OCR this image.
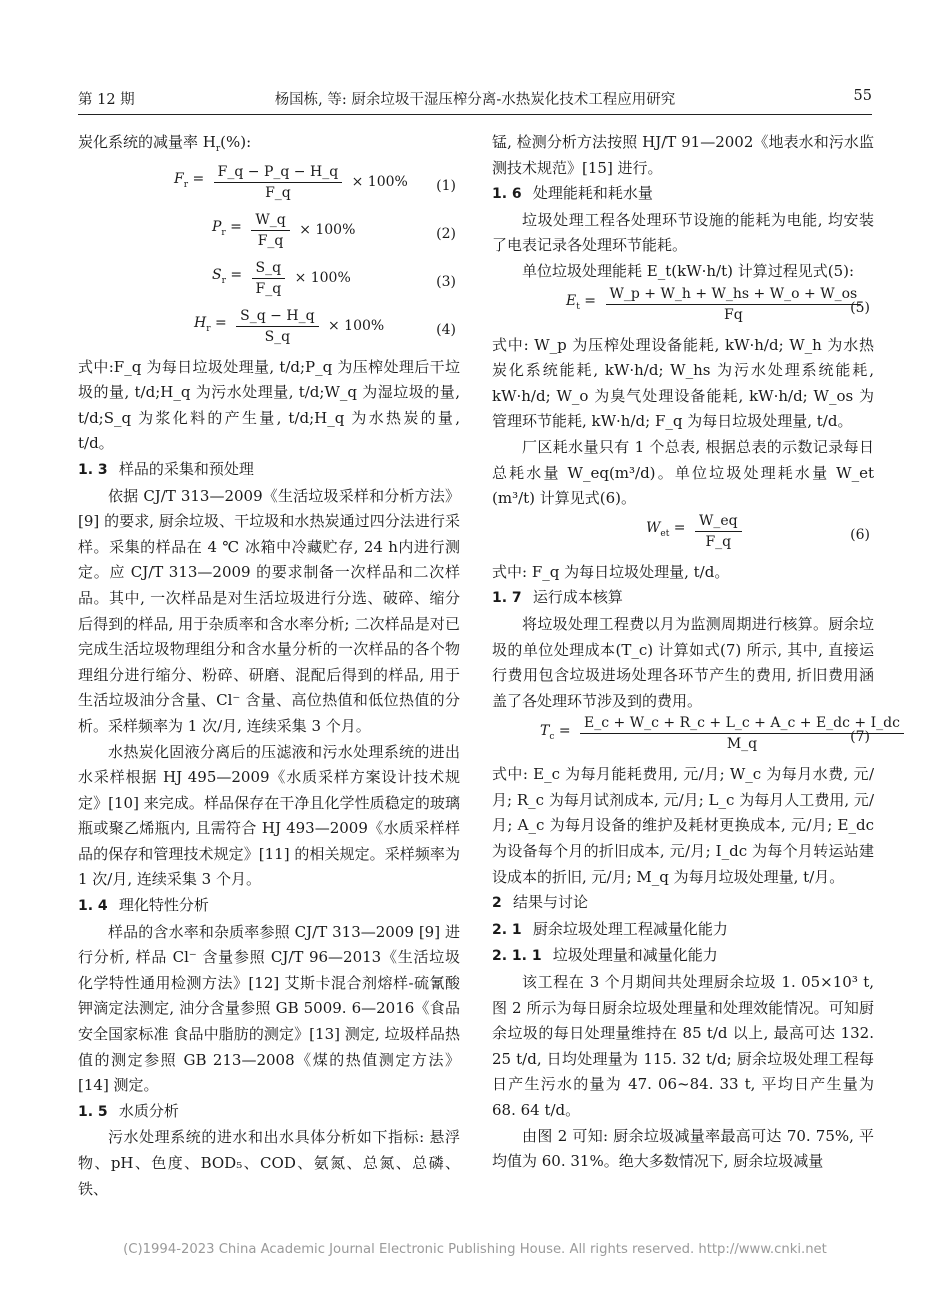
第 12 期	杨国栋, 等: 厨余垃圾干湿压榨分离-水热炭化技术工程应用研究	55

炭化系统的减量率 $H_r(\%)$:

$F_r = \frac{F\_q - P\_q - H\_q}{F\_q} \times 100\%$ (1)
$P_r = \frac{W\_q}{F\_q} \times 100\%$	(2)
$S_r = \frac{S\_q}{F\_q} \times 100\%$	(3)
$H_r = \frac{S\_q - H\_q}{S\_q} \times 100\%$	(4)

式中:F_q 为每日垃圾处理量, t/d;P_q 为压榨处理后干垃圾的量, t/d;H_q 为污水处理量, t/d;W_q 为湿垃圾的量, t/d;S_q 为浆化料的产生量, t/d;H_q 为水热炭的量, t/d。

1. 3 样品的采集和预处理

依据 CJ/T 313—2009《生活垃圾采样和分析方法》[9] 的要求, 厨余垃圾、干垃圾和水热炭通过四分法进行采样。采集的样品在 4 ℃ 冰箱中冷藏贮存, 24 h内进行测定。应 CJ/T 313—2009 的要求制备一次样品和二次样品。其中, 一次样品是对生活垃圾进行分选、破碎、缩分后得到的样品, 用于杂质率和含水率分析; 二次样品是对已完成生活垃圾物理组分和含水量分析的一次样品的各个物理组分进行缩分、粉碎、研磨、混配后得到的样品, 用于生活垃圾油分含量、Cl⁻ 含量、高位热值和低位热值的分析。采样频率为 1 次/月, 连续采集 3 个月。

水热炭化固液分离后的压滤液和污水处理系统的进出水采样根据 HJ 495—2009《水质采样方案设计技术规定》[10] 来完成。样品保存在干净且化学性质稳定的玻璃瓶或聚乙烯瓶内, 且需符合 HJ 493—2009《水质采样样品的保存和管理技术规定》[11] 的相关规定。采样频率为 1 次/月, 连续采集 3 个月。

1. 4 理化特性分析

样品的含水率和杂质率参照 CJ/T 313—2009 [9] 进行分析, 样品 Cl⁻ 含量参照 CJ/T 96—2013《生活垃圾化学特性通用检测方法》[12] 艾斯卡混合剂熔样-硫氰酸钾滴定法测定, 油分含量参照 GB 5009. 6—2016《食品安全国家标准 食品中脂肪的测定》[13] 测定, 垃圾样品热值的测定参照 GB 213—2008《煤的热值测定方法》[14] 测定。

1. 5 水质分析

污水处理系统的进水和出水具体分析如下指标: 悬浮物、pH、色度、BOD₅、COD、氨氮、总氮、总磷、铁、

锰, 检测分析方法按照 HJ/T 91—2002《地表水和污水监测技术规范》[15] 进行。

1. 6 处理能耗和耗水量

垃圾处理工程各处理环节设施的能耗为电能, 均安装了电表记录各处理环节能耗。

单位垃圾处理能耗 E_t(kW·h/t) 计算过程见式(5):

$E_t = \frac{W\_p + W\_h + W\_hs + W\_o + W\_os}{Fq}$
(5)

式中: W_p 为压榨处理设备能耗, kW·h/d; W_h 为水热炭化系统能耗, kW·h/d; W_hs 为污水处理系统能耗, kW·h/d; W_o 为臭气处理设备能耗, kW·h/d; W_os 为管理环节能耗, kW·h/d; F_q 为每日垃圾处理量, t/d。

厂区耗水量只有 1 个总表, 根据总表的示数记录每日总耗水量 W_eq(m³/d)。单位垃圾处理耗水量 W_et (m³/t) 计算见式(6)。

$W_{et} = \frac{W\_eq}{F\_q}$	(6)

式中: F_q 为每日垃圾处理量, t/d。

1. 7 运行成本核算

将垃圾处理工程费以月为监测周期进行核算。厨余垃圾的单位处理成本(T_c) 计算如式(7) 所示, 其中, 直接运行费用包含垃圾进场处理各环节产生的费用, 折旧费用涵盖了各处理环节涉及到的费用。

$T_c = \frac{E\_c + W\_c + R\_c + L\_c + A\_c + E\_dc + I\_dc}{M\_q}$
(7)

式中: E_c 为每月能耗费用, 元/月; W_c 为每月水费, 元/月; R_c 为每月试剂成本, 元/月; L_c 为每月人工费用, 元/月; A_c 为每月设备的维护及耗材更换成本, 元/月; E_dc 为设备每个月的折旧成本, 元/月; I_dc 为每个月转运站建设成本的折旧, 元/月; M_q 为每月垃圾处理量, t/月。

2 结果与讨论

2. 1 厨余垃圾处理工程减量化能力

2. 1. 1 垃圾处理量和减量化能力

该工程在 3 个月期间共处理厨余垃圾 1. 05×10³ t, 图 2 所示为每日厨余垃圾处理量和处理效能情况。可知厨余垃圾的每日处理量维持在 85 t/d 以上, 最高可达 132. 25 t/d, 日均处理量为 115. 32 t/d; 厨余垃圾处理工程每日产生污水的量为 47. 06~84. 33 t, 平均日产生量为 68. 64 t/d。

由图 2 可知: 厨余垃圾减量率最高可达 70. 75%, 平均值为 60. 31%。绝大多数情况下, 厨余垃圾减量

(C)1994-2023 China Academic Journal Electronic Publishing House. All rights reserved. http://www.cnki.net
